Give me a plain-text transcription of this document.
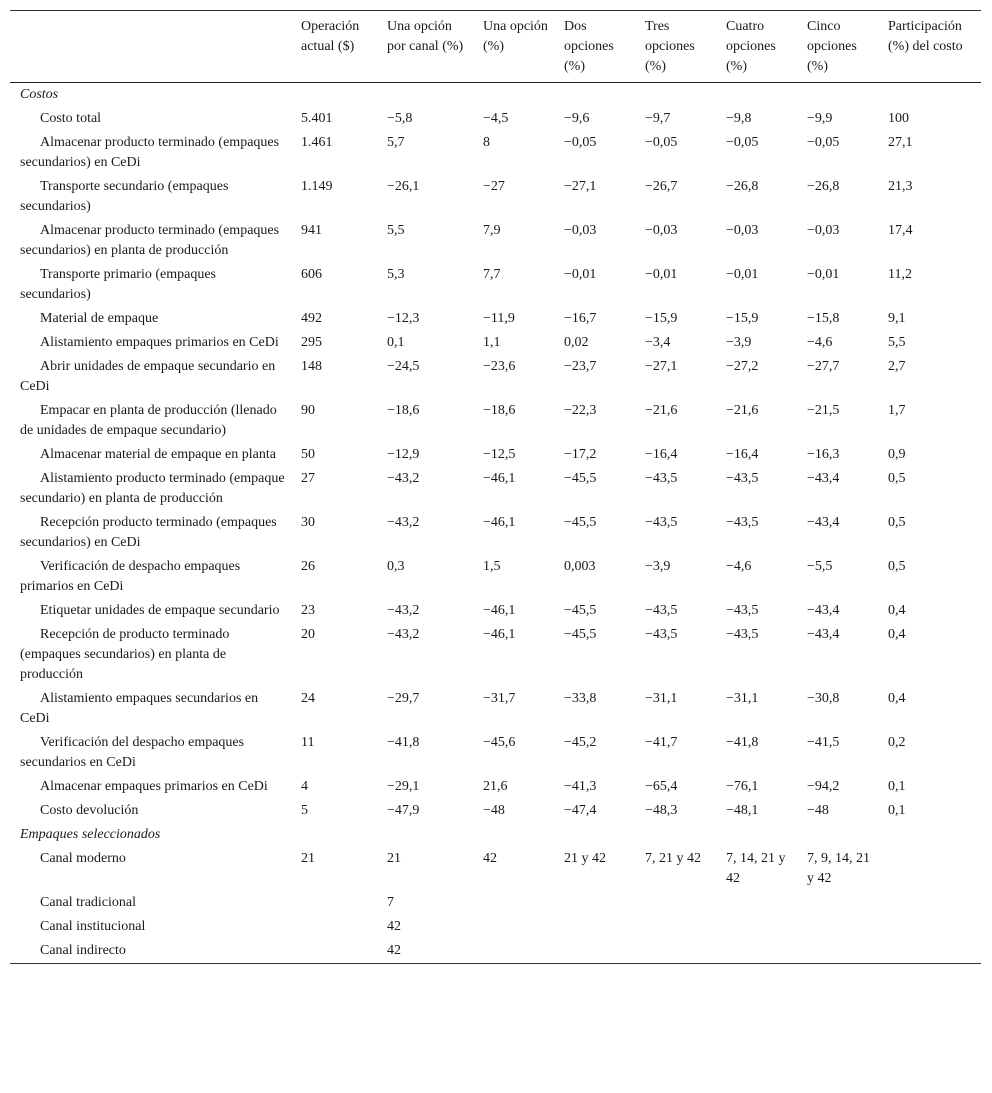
	Operación actual ($)	Una opción por canal (%)	Una opción (%)	Dos opciones (%)	Tres opciones (%)	Cuatro opciones (%)	Cinco opciones (%)	Participación (%) del costo
Costos								
Costo total	5.401	−5,8	−4,5	−9,6	−9,7	−9,8	−9,9	100
Almacenar producto terminado (empaques secundarios) en CeDi	1.461	5,7	8	−0,05	−0,05	−0,05	−0,05	27,1
Transporte secundario (empaques secundarios)	1.149	−26,1	−27	−27,1	−26,7	−26,8	−26,8	21,3
Almacenar producto terminado (empaques secundarios) en planta de producción	941	5,5	7,9	−0,03	−0,03	−0,03	−0,03	17,4
Transporte primario (empaques secundarios)	606	5,3	7,7	−0,01	−0,01	−0,01	−0,01	11,2
Material de empaque	492	−12,3	−11,9	−16,7	−15,9	−15,9	−15,8	9,1
Alistamiento empaques primarios en CeDi	295	0,1	1,1	0,02	−3,4	−3,9	−4,6	5,5
Abrir unidades de empaque secundario en CeDi	148	−24,5	−23,6	−23,7	−27,1	−27,2	−27,7	2,7
Empacar en planta de producción (llenado de unidades de empaque secundario)	90	−18,6	−18,6	−22,3	−21,6	−21,6	−21,5	1,7
Almacenar material de empaque en planta	50	−12,9	−12,5	−17,2	−16,4	−16,4	−16,3	0,9
Alistamiento producto terminado (empaque secundario) en planta de producción	27	−43,2	−46,1	−45,5	−43,5	−43,5	−43,4	0,5
Recepción producto terminado (empaques secundarios) en CeDi	30	−43,2	−46,1	−45,5	−43,5	−43,5	−43,4	0,5
Verificación de despacho empaques primarios en CeDi	26	0,3	1,5	0,003	−3,9	−4,6	−5,5	0,5
Etiquetar unidades de empaque secundario	23	−43,2	−46,1	−45,5	−43,5	−43,5	−43,4	0,4
Recepción de producto terminado (empaques secundarios) en planta de producción	20	−43,2	−46,1	−45,5	−43,5	−43,5	−43,4	0,4
Alistamiento empaques secundarios en CeDi	24	−29,7	−31,7	−33,8	−31,1	−31,1	−30,8	0,4
Verificación del despacho empaques secundarios en CeDi	11	−41,8	−45,6	−45,2	−41,7	−41,8	−41,5	0,2
Almacenar empaques primarios en CeDi	4	−29,1	21,6	−41,3	−65,4	−76,1	−94,2	0,1
Costo devolución	5	−47,9	−48	−47,4	−48,3	−48,1	−48	0,1
Empaques seleccionados								
Canal moderno	21	21	42	21 y 42	7, 21 y 42	7, 14, 21 y 42	7, 9, 14, 21 y 42	
Canal tradicional		7						
Canal institucional		42						
Canal indirecto		42						
